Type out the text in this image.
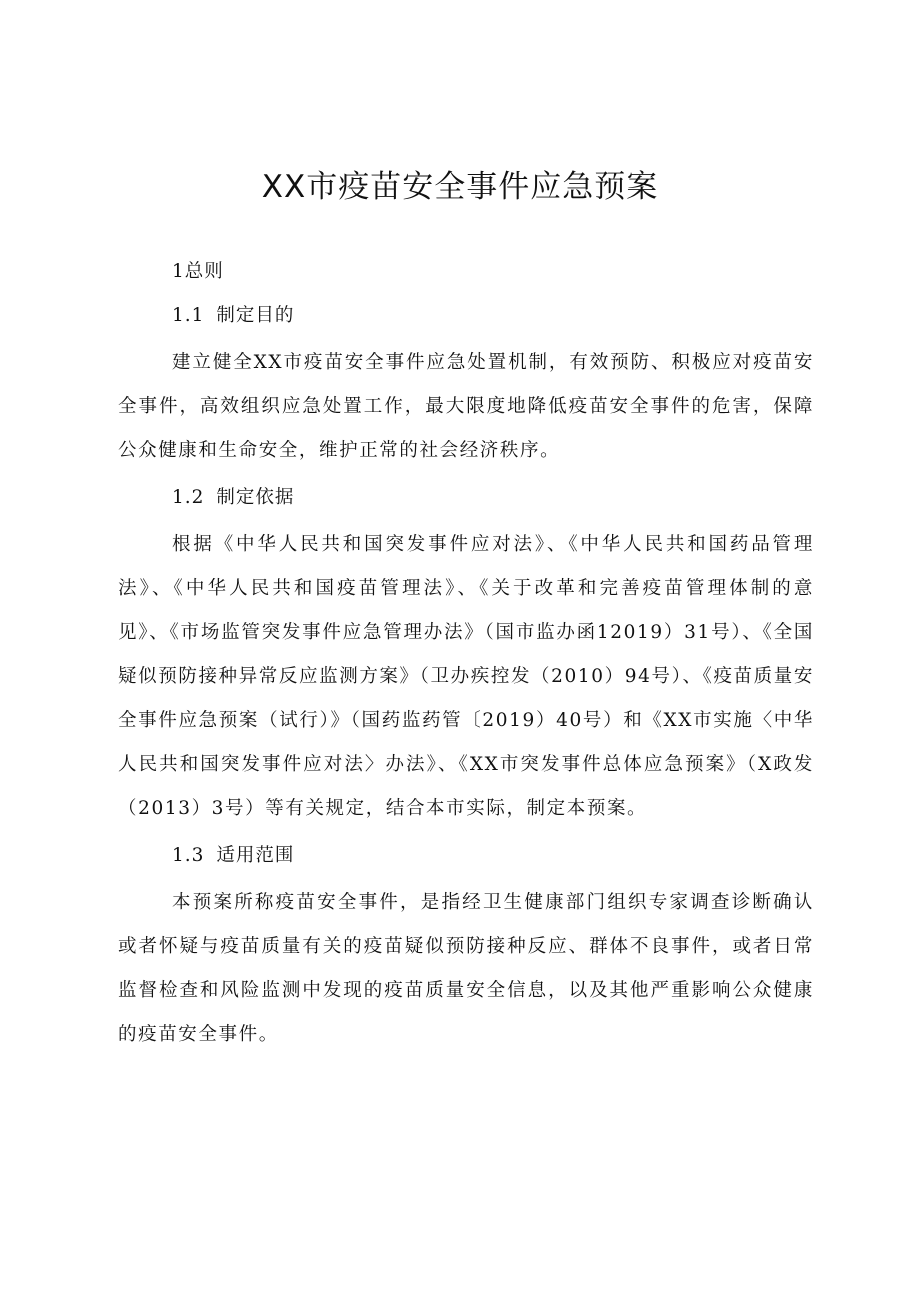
XX市疫苗安全事件应急预案

1总则

1.1 制定目的

建立健全XX市疫苗安全事件应急处置机制，有效预防、积极应对疫苗安全事件，高效组织应急处置工作，最大限度地降低疫苗安全事件的危害，保障公众健康和生命安全，维护正常的社会经济秩序。

1.2 制定依据

根据《中华人民共和国突发事件应对法》、《中华人民共和国药品管理法》、《中华人民共和国疫苗管理法》、《关于改革和完善疫苗管理体制的意见》、《市场监管突发事件应急管理办法》（国市监办函12019）31号）、《全国疑似预防接种异常反应监测方案》（卫办疾控发（2010）94号）、《疫苗质量安全事件应急预案（试行）》（国药监药管〔2019）40号）和《XX市实施〈中华人民共和国突发事件应对法〉办法》、《XX市突发事件总体应急预案》（X政发（2013）3号）等有关规定，结合本市实际，制定本预案。

1.3 适用范围

本预案所称疫苗安全事件，是指经卫生健康部门组织专家调查诊断确认或者怀疑与疫苗质量有关的疫苗疑似预防接种反应、群体不良事件，或者日常监督检查和风险监测中发现的疫苗质量安全信息，以及其他严重影响公众健康的疫苗安全事件。
